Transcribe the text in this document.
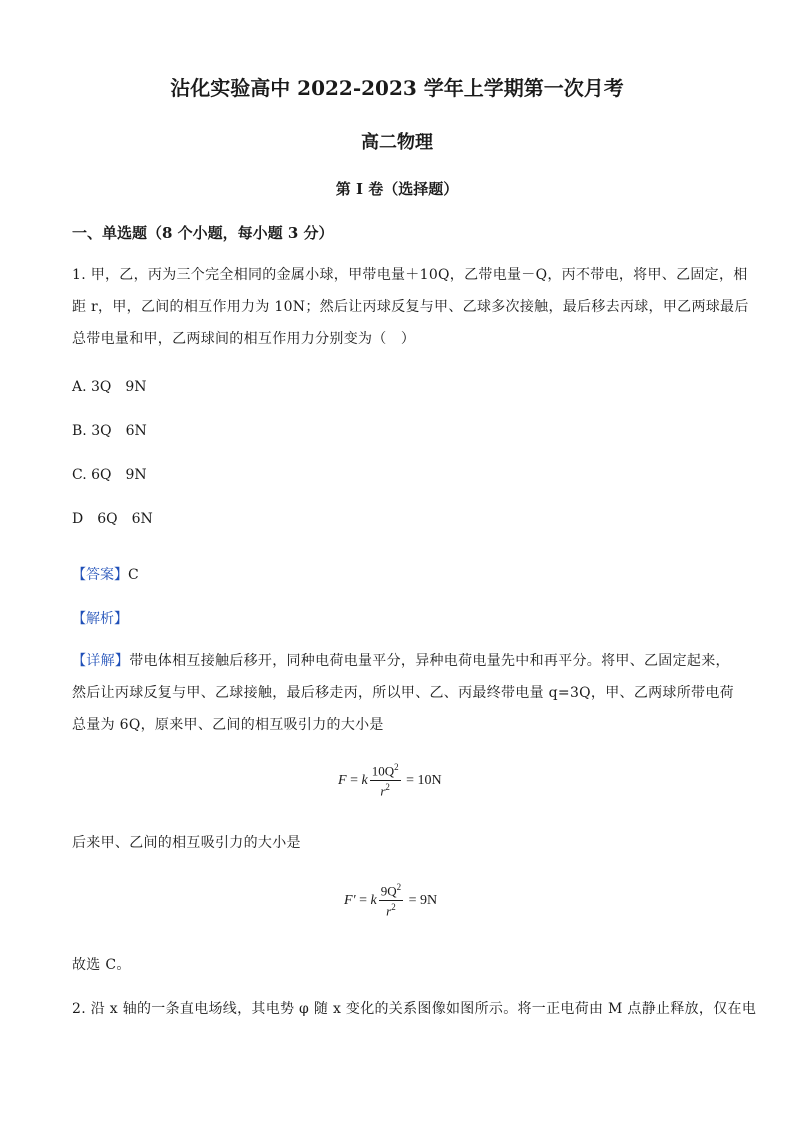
沾化实验高中 2022-2023 学年上学期第一次月考
高二物理
第 I 卷（选择题）
一、单选题（8 个小题，每小题 3 分）
1. 甲，乙，丙为三个完全相同的金属小球，甲带电量＋10Q，乙带电量－Q，丙不带电，将甲、乙固定，相
距 r，甲，乙间的相互作用力为 10N；然后让丙球反复与甲、乙球多次接触，最后移去丙球，甲乙两球最后
总带电量和甲，乙两球间的相互作用力分别变为（　）
A. 3Q　9N
B. 3Q　6N
C. 6Q　9N
D　6Q　6N
【答案】C
【解析】
【详解】带电体相互接触后移开，同种电荷电量平分，异种电荷电量先中和再平分。将甲、乙固定起来，
然后让丙球反复与甲、乙球接触，最后移走丙，所以甲、乙、丙最终带电量 q=3Q，甲、乙两球所带电荷
总量为 6Q，原来甲、乙间的相互吸引力的大小是
F = k $\frac{10Q^2}{r^2} = 10N$
后来甲、乙间的相互吸引力的大小是
F′ = k $\frac{9Q^2}{r^2} = 9N$
故选 C。
2. 沿 x 轴的一条直电场线，其电势 φ 随 x 变化的关系图像如图所示。将一正电荷由 M 点静止释放，仅在电
